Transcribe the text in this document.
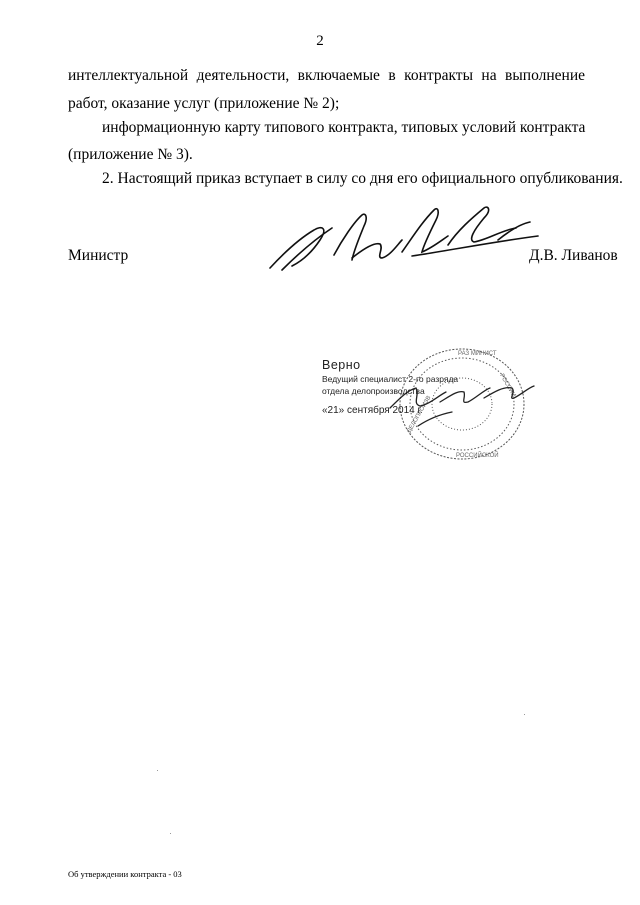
2
интеллектуальной деятельности, включаемые в контракты на выполнение
работ, оказание услуг (приложение № 2);
информационную карту типового контракта, типовых условий контракта
(приложение № 3).
2. Настоящий приказ вступает в силу со дня его официального опубликования.
Министр	Д.В. Ливанов
РАЗ МИНИСТ
РОССИИ
ДЕЛОПРОИЗВ
РОССИЙСКОЙ
Верно
Ведущий специалист 2-го разряда
отдела делопроизводства
«21» сентября 2014 г.
Об утверждении контракта - 03
